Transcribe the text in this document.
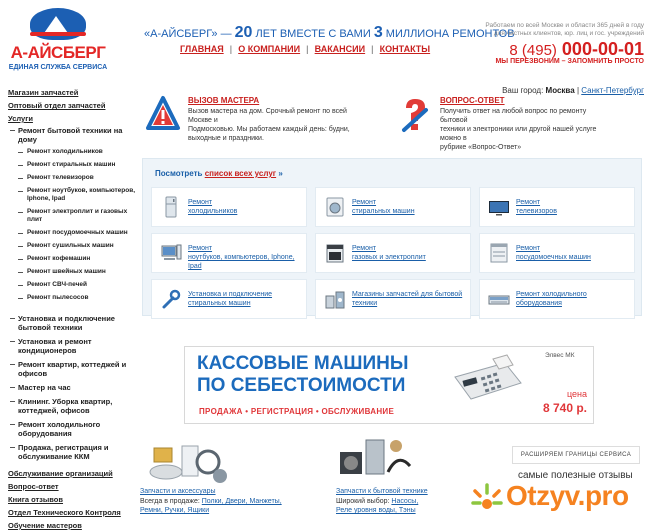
А-АЙСБЕРГ
ЕДИНАЯ СЛУЖБА СЕРВИСА
«А-АЙСБЕРГ» — 20 ЛЕТ ВМЕСТЕ С ВАМИ 3 МИЛЛИОНА РЕМОНТОВ
ГЛАВНАЯ | О КОМПАНИИ | ВАКАНСИИ | КОНТАКТЫ
Работаем по всей Москве и области 365 дней в году
для частных клиентов, юр. лиц и гос. учреждений
8 (495) 000-00-01
МЫ ПЕРЕЗВОНИМ – ЗАПОМНИТЬ ПРОСТО
Ваш город: Москва | Санкт-Петербург
Магазин запчастей
Оптовый отдел запчастей
Услуги
Ремонт бытовой техники на дому
Ремонт холодильников
Ремонт стиральных машин
Ремонт телевизоров
Ремонт ноутбуков, компьютеров, Iphone, Ipad
Ремонт электроплит и газовых плит
Ремонт посудомоечных машин
Ремонт сушильных машин
Ремонт кофемашин
Ремонт швейных машин
Ремонт СВЧ-печей
Ремонт пылесосов
Установка и подключение бытовой техники
Установка и ремонт кондиционеров
Ремонт квартир, коттеджей и офисов
Мастер на час
Клининг. Уборка квартир, коттеджей, офисов
Ремонт холодильного оборудования
Продажа, регистрация и обслуживание ККМ
Обслуживание организаций
Вопрос-ответ
Книга отзывов
Отдел Технического Контроля
Обучение мастеров
ВЫЗОВ МАСТЕРА
Вызов мастера на дом. Срочный ремонт по всей Москве и
Подмосковью. Мы работаем каждый день: будни,
выходные и праздники.
ВОПРОС-ОТВЕТ
Получить ответ на любой вопрос по ремонту бытовой
техники и электроники или другой нашей услуге можно в
рубрике «Вопрос-Ответ»
Посмотреть список всех услуг »
Ремонт
холодильников
Ремонт
стиральных машин
Ремонт
телевизоров
Ремонт
ноутбуков, компьютеров, Iphone,
Ipad
Ремонт
газовых и электроплит
Ремонт
посудомоечных машин
Установка и подключение
стиральных машин
Магазины запчастей для бытовой
техники
Ремонт холодильного
оборудования
КАССОВЫЕ МАШИНЫ
ПО СЕБЕСТОИМОСТИ
ПРОДАЖА • РЕГИСТРАЦИЯ • ОБСЛУЖИВАНИЕ
Элвес МК
цена
8 740 р.
Запчасти и аксессуары
Всегда в продаже: Полки, Двери, Манжеты,
Ремни, Ручки, Ящики
Запчасти к бытовой технике
Широкий выбор: Насосы,
Реле уровня воды, Тэны
РАСШИРЯЕМ ГРАНИЦЫ СЕРВИСА
самые полезные отзывы
Otzyv.pro
